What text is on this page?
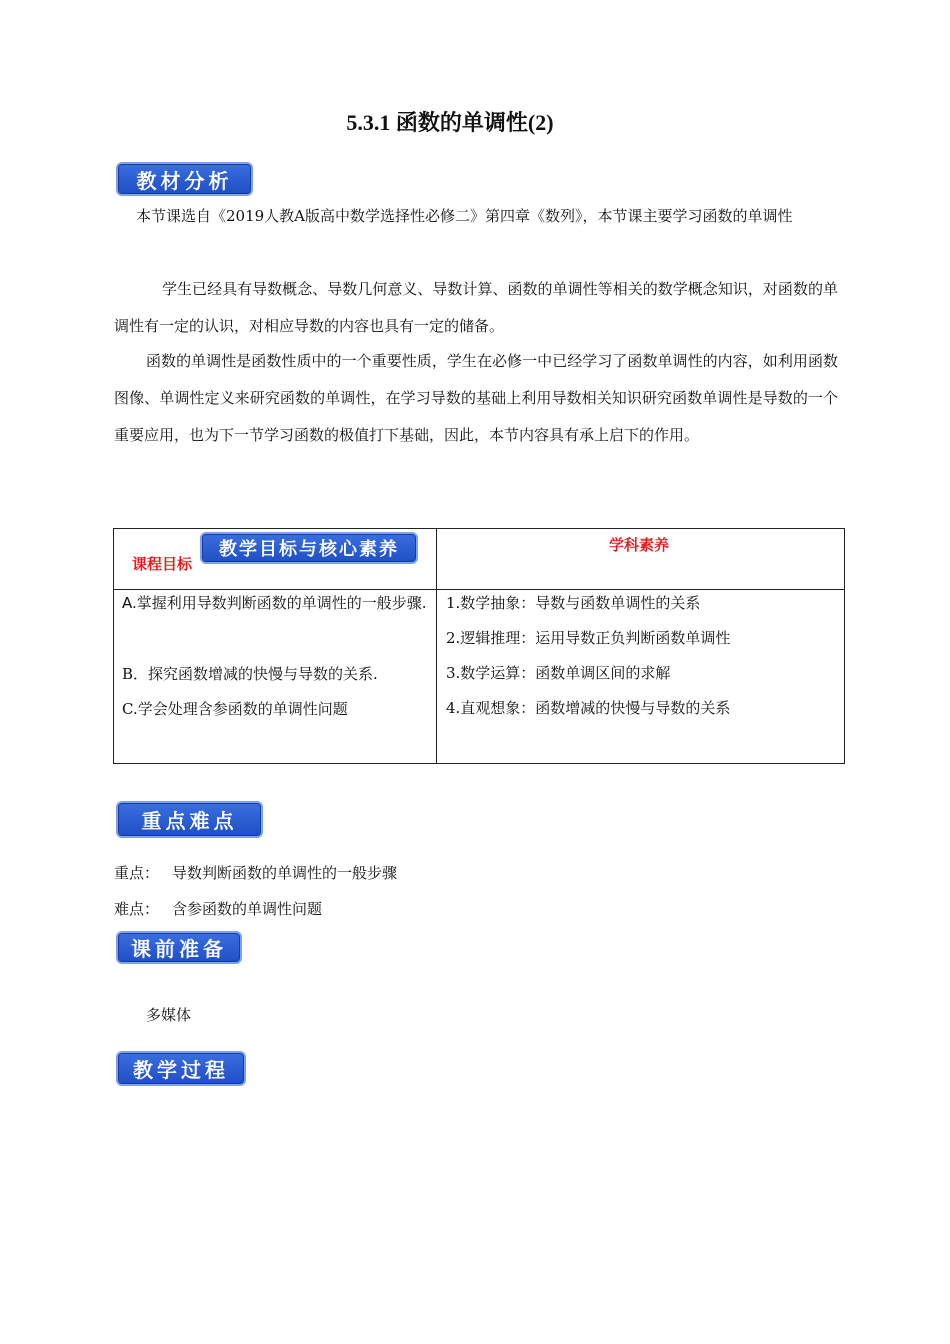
5.3.1 函数的单调性(2)
教材分析
本节课选自《2019人教A版高中数学选择性必修二》第四章《数列》，本节课主要学习函数的单调性
学生已经具有导数概念、导数几何意义、导数计算、函数的单调性等相关的数学概念知识，对函数的单调性有一定的认识，对相应导数的内容也具有一定的储备。
函数的单调性是函数性质中的一个重要性质，学生在必修一中已经学习了函数单调性的内容，如利用函数图像、单调性定义来研究函数的单调性，在学习导数的基础上利用导数相关知识研究函数单调性是导数的一个重要应用，也为下一节学习函数的极值打下基础，因此，本节内容具有承上启下的作用。
课程目标
学科素养
A.掌握利用导数判断函数的单调性的一般步骤.
B．探究函数增减的快慢与导数的关系.
C.学会处理含参函数的单调性问题
1.数学抽象：导数与函数单调性的关系
2.逻辑推理：运用导数正负判断函数单调性
3.数学运算：函数单调区间的求解
4.直观想象：函数增减的快慢与导数的关系
教学目标与核心素养
重点难点
重点： 导数判断函数的单调性的一般步骤
难点： 含参函数的单调性问题
课前准备
多媒体
教学过程
